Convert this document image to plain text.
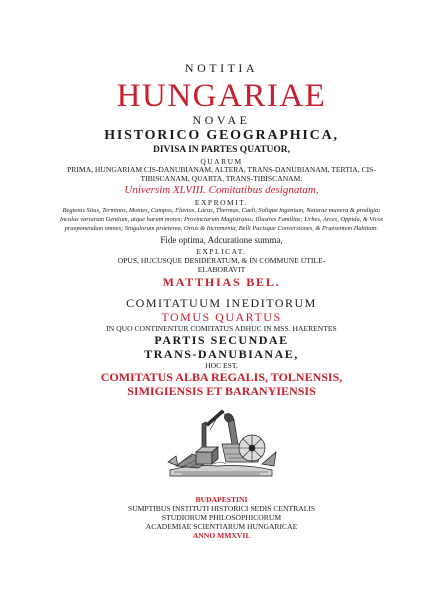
NOTITIA
HUNGARIAE
NOVAE
HISTORICO GEOGRAPHICA,
DIVISA IN PARTES QUATUOR,
QUARUM
PRIMA, HUNGARIAM CIS-DANUBIANAM, ALTERA, TRANS-DANUBIANAM, TERTIA, CIS-
TIBISCANAM, QUARTA, TRANS-TIBISCANAM:
Universim XLVIII. Comitatibus designatam,
EXPROMIT.
Regionis Situs, Terminos, Montes, Campos, Fluvios, Lacus, Thermas, Caeli, Solique ingenium, Naturae munera & prodigia;
Incolas variarum Gentium, atque harum mores; Provinciarum Magistratus; Illustres Familias; Urbes, Arces, Oppida, & Vicos
praeponendum omnes; Singulorum praeterea, Ortus & Incrementa, Belli Pacisque Conversiones, & Praesentem Habitum:
Fide optima, Adcuratione summa,
EXPLICAT.
OPUS, HUCUSQUE DESIDERATUM, & IN COMMUNE UTILE-
ELABORAVIT
MATTHIAS BEL.
COMITATUUM INEDITORUM
TOMUS QUARTUS
IN QUO CONTINENTUR COMITATUS ADHUC IN MSS. HAERENTES
PARTIS SECUNDAE
TRANS-DANUBIANAE,
HOC EST,
COMITATUS ALBA REGALIS, TOLNENSIS,
SIMIGIENSIS ET BARANYIENSIS
BUDAPESTINI
SUMPTIBUS INSTITUTI HISTORICI SEDIS CENTRALIS
STUDIORUM PHILOSOPHICORUM
ACADEMIAE SCIENTIARUM HUNGARICAE
ANNO MMXVII.
